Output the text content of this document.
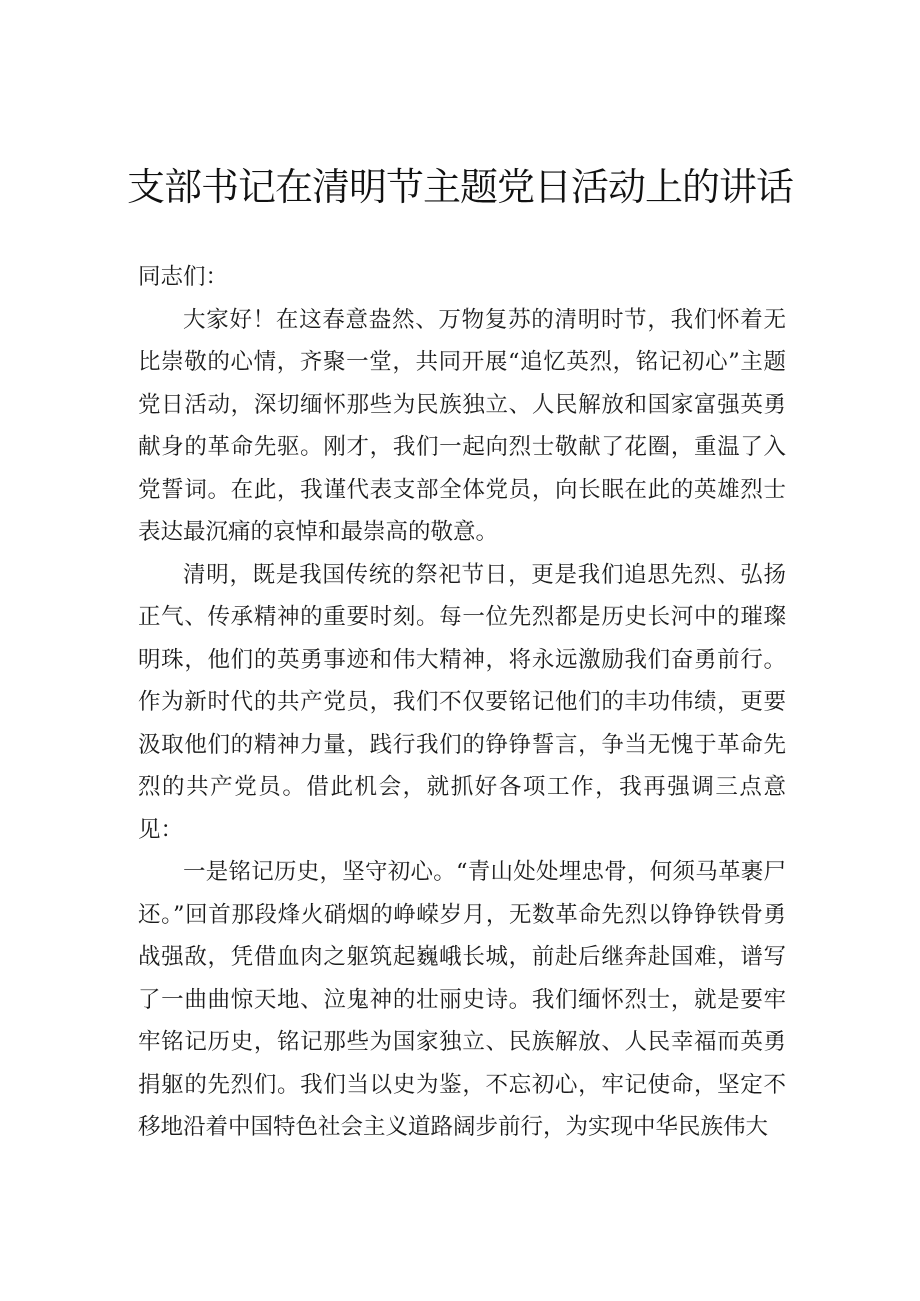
支部书记在清明节主题党日活动上的讲话

同志们：

大家好！在这春意盎然、万物复苏的清明时节，我们怀着无比崇敬的心情，齐聚一堂，共同开展“追忆英烈，铭记初心”主题党日活动，深切缅怀那些为民族独立、人民解放和国家富强英勇献身的革命先驱。刚才，我们一起向烈士敬献了花圈，重温了入党誓词。在此，我谨代表支部全体党员，向长眠在此的英雄烈士表达最沉痛的哀悼和最崇高的敬意。

清明，既是我国传统的祭祀节日，更是我们追思先烈、弘扬正气、传承精神的重要时刻。每一位先烈都是历史长河中的璀璨明珠，他们的英勇事迹和伟大精神，将永远激励我们奋勇前行。作为新时代的共产党员，我们不仅要铭记他们的丰功伟绩，更要汲取他们的精神力量，践行我们的铮铮誓言，争当无愧于革命先烈的共产党员。借此机会，就抓好各项工作，我再强调三点意见：

一是铭记历史，坚守初心。“青山处处埋忠骨，何须马革裹尸还。”回首那段烽火硝烟的峥嵘岁月，无数革命先烈以铮铮铁骨勇战强敌，凭借血肉之躯筑起巍峨长城，前赴后继奔赴国难，谱写了一曲曲惊天地、泣鬼神的壮丽史诗。我们缅怀烈士，就是要牢牢铭记历史，铭记那些为国家独立、民族解放、人民幸福而英勇捐躯的先烈们。我们当以史为鉴，不忘初心，牢记使命，坚定不移地沿着中国特色社会主义道路阔步前行，为实现中华民族伟大
